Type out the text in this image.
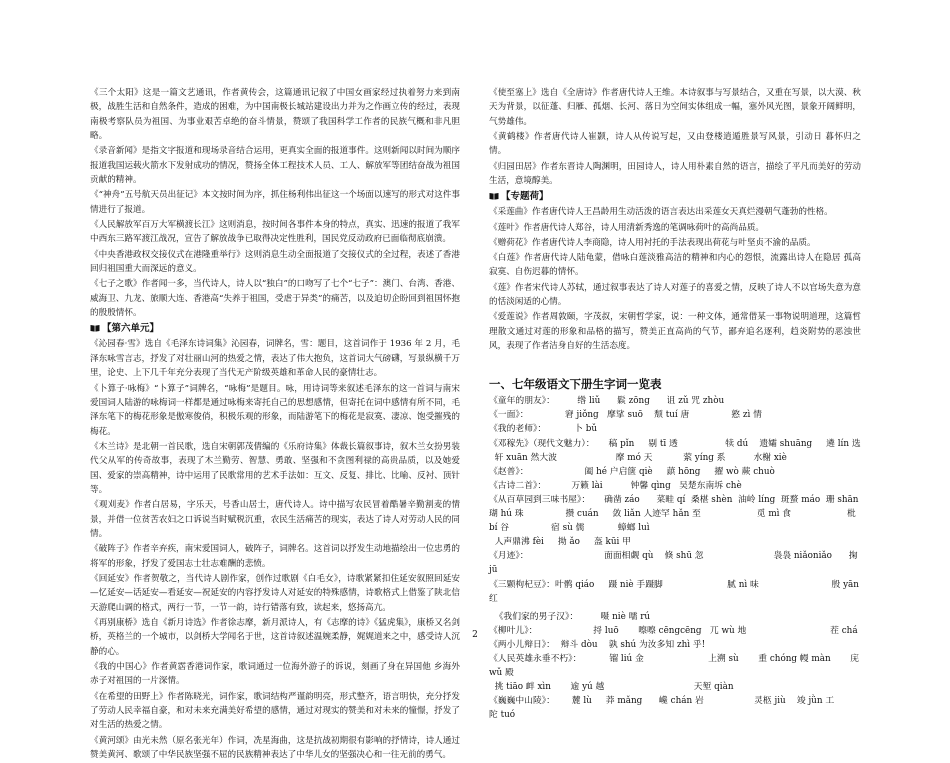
《三个太阳》这是一篇文艺通讯，作者黄传会，这篇通讯记叙了中国女画家经过执着努力来到南极，战胜生活和自然条件，造成的困难，为中国南极长城站建设出力并为之作画立传的经过，表现南极考察队员为祖国、为事业艰苦卓绝的奋斗情景，赞颂了我国科学工作者的民族气概和非凡胆略。
《录音新闻》是指文字报道和现场录音结合运用，更真实全面的报道事件。这则新闻以时间为顺序报道我国运载火箭水下发射成功的情况，赞扬全体工程技术人员、工人、解放军等团结奋战为祖国贡献的精神。
《“神舟”五号航天员出征记》本文按时间为序，抓住杨利伟出征这一个场面以速写的形式对这件事情进行了报道。
《人民解放军百万大军横渡长江》这则消息，按时间各事件本身的特点，真实、迅速的报道了我军中西东三路军渡江战况，宣告了解放战争已取得决定性胜利，国民党反动政府已面临彻底崩溃。
《中央香港政权交接仪式在港隆重举行》这则消息生动全面报道了交接仪式的全过程，表述了香港回归祖国重大而深远的意义。
《七子之歌》作者闻一多，当代诗人，诗人以“独白”的口吻写了七个“七子”：澳门、台湾、香港、威海卫、九龙、旅顺大连、香港高“失养于祖国，受虐于异类”的痛苦，以及迫切企盼回到祖国怀抱的殷殷情怀。
【第六单元】
《沁园春·雪》选自《毛泽东诗词集》沁园春，词牌名，雪：题目，这首词作于 1936 年 2 月，毛泽东咏雪言志，抒发了对壮丽山河的热爱之情，表达了伟大抱负，这首词大气磅礴，写景纵横千万里，论史、上下几千年充分表现了当代无产阶级英雄和革命人民的豪情壮志。
《卜算子·咏梅》“卜算子”词牌名，“咏梅”是题目。咏，用诗词等来叙述毛泽东的这一首词与南宋爱国词人陆游的咏梅词一样都是通过咏梅来寄托自己的思想感情，但寄托在词中感情有所不同，毛泽东笔下的梅花形象是傲寒俊俏，积极乐观的形象，而陆游笔下的梅花是寂寞、凄凉、饱受摧残的梅花。
《木兰诗》是北朝一首民歌，选自宋朝郭茂倩编的《乐府诗集》体裁长篇叙事诗，叙木兰女扮男装代父从军的传奇故事，表现了木兰勤劳、智慧、勇敢、坚强和不贪图利禄的高贵品质，以及她爱国、爱家的崇高精神，诗中运用了民歌常用的艺术手法如：互文、反复、排比、比喻、反衬、顶针等。
《观刈麦》作者白居易，字乐天，号香山居士，唐代诗人。诗中描写农民冒着酷暑辛勤割麦的情景，并借一位贫苦农妇之口诉说当时赋税沉重，农民生活痛苦的现实，表达了诗人对劳动人民的同情。
《破阵子》作者辛弃疾，南宋爱国词人，破阵子，词牌名。这首词以抒发生动地描绘出一位忠勇的将军的形象，抒发了爱国志士壮志难酬的悲愤。
《回延安》作者贺敬之，当代诗人剧作家，创作过歌剧《白毛女》，诗歌紧紧扣住延安叙照回延安—忆延安—话延安—看延安—祝延安的内容抒发诗人对延安的特殊感情，诗歌格式上借鉴了陕北信天游爬山调的格式，两行一节，一节一韵，诗行错落有致，读起来，悠扬高亢。
《再别康桥》选自《新月诗选》作者徐志摩，新月派诗人，有《志摩的诗》《猛虎集》，康桥又名剑桥，英格兰的一个城市，以剑桥大学闻名于世，这首诗叙述温婉柔静，娓娓道来之中，感受诗人沉静的心。
《我的中国心》作者黄霑香港词作家，歌词通过一位海外游子的诉说，刻画了身在异国他 乡海外赤子对祖国的一片深情。
《在希望的田野上》作者陈晓光，词作家，歌词结构严谨韵明亮，形式整齐，语言明快，充分抒发了劳动人民幸福自豪，和对未来充满美好希望的感情，通过对现实的赞美和对未来的憧憬，抒发了对生活的热爱之情。
《黄河颂》由光未然（原名张光年）作词，冼星海曲，这是抗战初期很有影响的抒情诗，诗人通过赞美黄河、歌颂了中华民族坚强不屈的民族精神表达了中华儿女的坚强决心和一往无前的勇气。
《使至塞上》选自《全唐诗》作者唐代诗人王维。本诗叙事与写景结合，又重在写景，以大漠、秋天为背景，以征蓬、归雁、孤烟、长河、落日为空间实体组成一幅，塞外风光图，景象开阔鲜明，气势雄伟。
《黄鹤楼》作者唐代诗人崔颢，诗人从传说写起，又由登楼逍遁胜景写风景，引动日 暮怀归之情。
《归园田居》作者东晋诗人陶渊明，田园诗人，诗人用朴素自然的语言，描绘了平凡而美好的劳动生活，意境醇美。
【专题荷】
《采莲曲》作者唐代诗人王昌龄用生动活泼的语言表达出采莲女天真烂漫朝气蓬勃的性格。
《莲叶》作者唐代诗人郑谷，诗人用清新秀逸的笔调咏荷叶的高尚品质。
《赠荷花》作者唐代诗人李商隐，诗人用衬托的手法表现出荷花与叶坚贞不渝的品质。
《白莲》作者唐代诗人陆龟蒙，借咏白莲淡雅高洁的精神和内心的怨恨，流露出诗人在隐居 孤高寂寞、自伤迟暮的情怀。
《莲》作者宋代诗人苏轼，通过叙事表达了诗人对莲子的喜爱之情，反映了诗人不以官场失意为意的恬淡闲适的心情。
《爱莲说》作者周敦颐，字茂叔，宋朝哲学家，说：一种文体，通常借某一事物说明道理，这篇哲理散文通过对莲的形象和品格的描写，赞美正直高尚的气节，鄙弃追名逐利，趋炎附势的恶浊世风，表现了作者洁身自好的生活态度。
一、七年级语文下册生字词一览表
《童年的朋友》：        绺 liǔ      鬏 zōng      诅 zǔ 咒 zhòu
《一面》：             窘 jiǒng   摩挲 suō    颓 tuí 唐               憝 zì 情
《我的老师》：          卜 bǔ
《邓稼先》（现代文魅力）：     稿 pǐn     剔 tī 透                 犊 dú    遗孀 shuāng     遴 lín 选
轩 xuān 然大波                     摩 mó 天           萦 yíng 系          水榭 xiè
《赵普》：                    阖 hé 户启箧 qiè     蕻 hōng     擢 wò 蕨 chuò
《古诗二首》：         万籁 lài          钟馨 qìng   吴楚东南坼 chè
《从百草园到三味书屋》：     确凿 záo      菜畦 qí  桑椹 shèn  油岭 líng  斑蝥 máo  珊 shān 瑚 hú 珠               攒 cuán     敛 liǎn 人迹罕 hǎn 至                    觅 mì 食                    枇 bí 谷               宿 sù 儒            蟑螂 luì
人声鼎沸 fèi     拗 ǎo     盔 kūi 甲
《月迹》：                           面面相觑 qù    倏 shū 忽                         袅袅 niǎoniǎo      掬 jū
《三颗枸杞豆》：叶鹘 qiáo     蹑 niè 手蹑脚                       腻 nì 味                          殷 yān 红
《我们家的男子汉》：        嗫 niè 嚅 rú
《柳叶儿》：                    捋 luō       嚓嚓 cēngcēng   兀 wù 地                              茬 chá
《两小儿辩日》：  辩斗 dòu    孰 shú 为汝多知 zhì 乎!
《人民英雄永垂不朽》：          镏 liú 金                       上溯 sù       重 chóng 幔 màn       庑 wǔ 殿
挑 tiāo 衅 xìn       逾 yú 越                                天堑 qiàn
《巍巍中山陵》：      麓 lù     莽 mǎng      巉 chán 岩                  灵柩 jiù    竣 jǜn 工                 陀 tuó
2
